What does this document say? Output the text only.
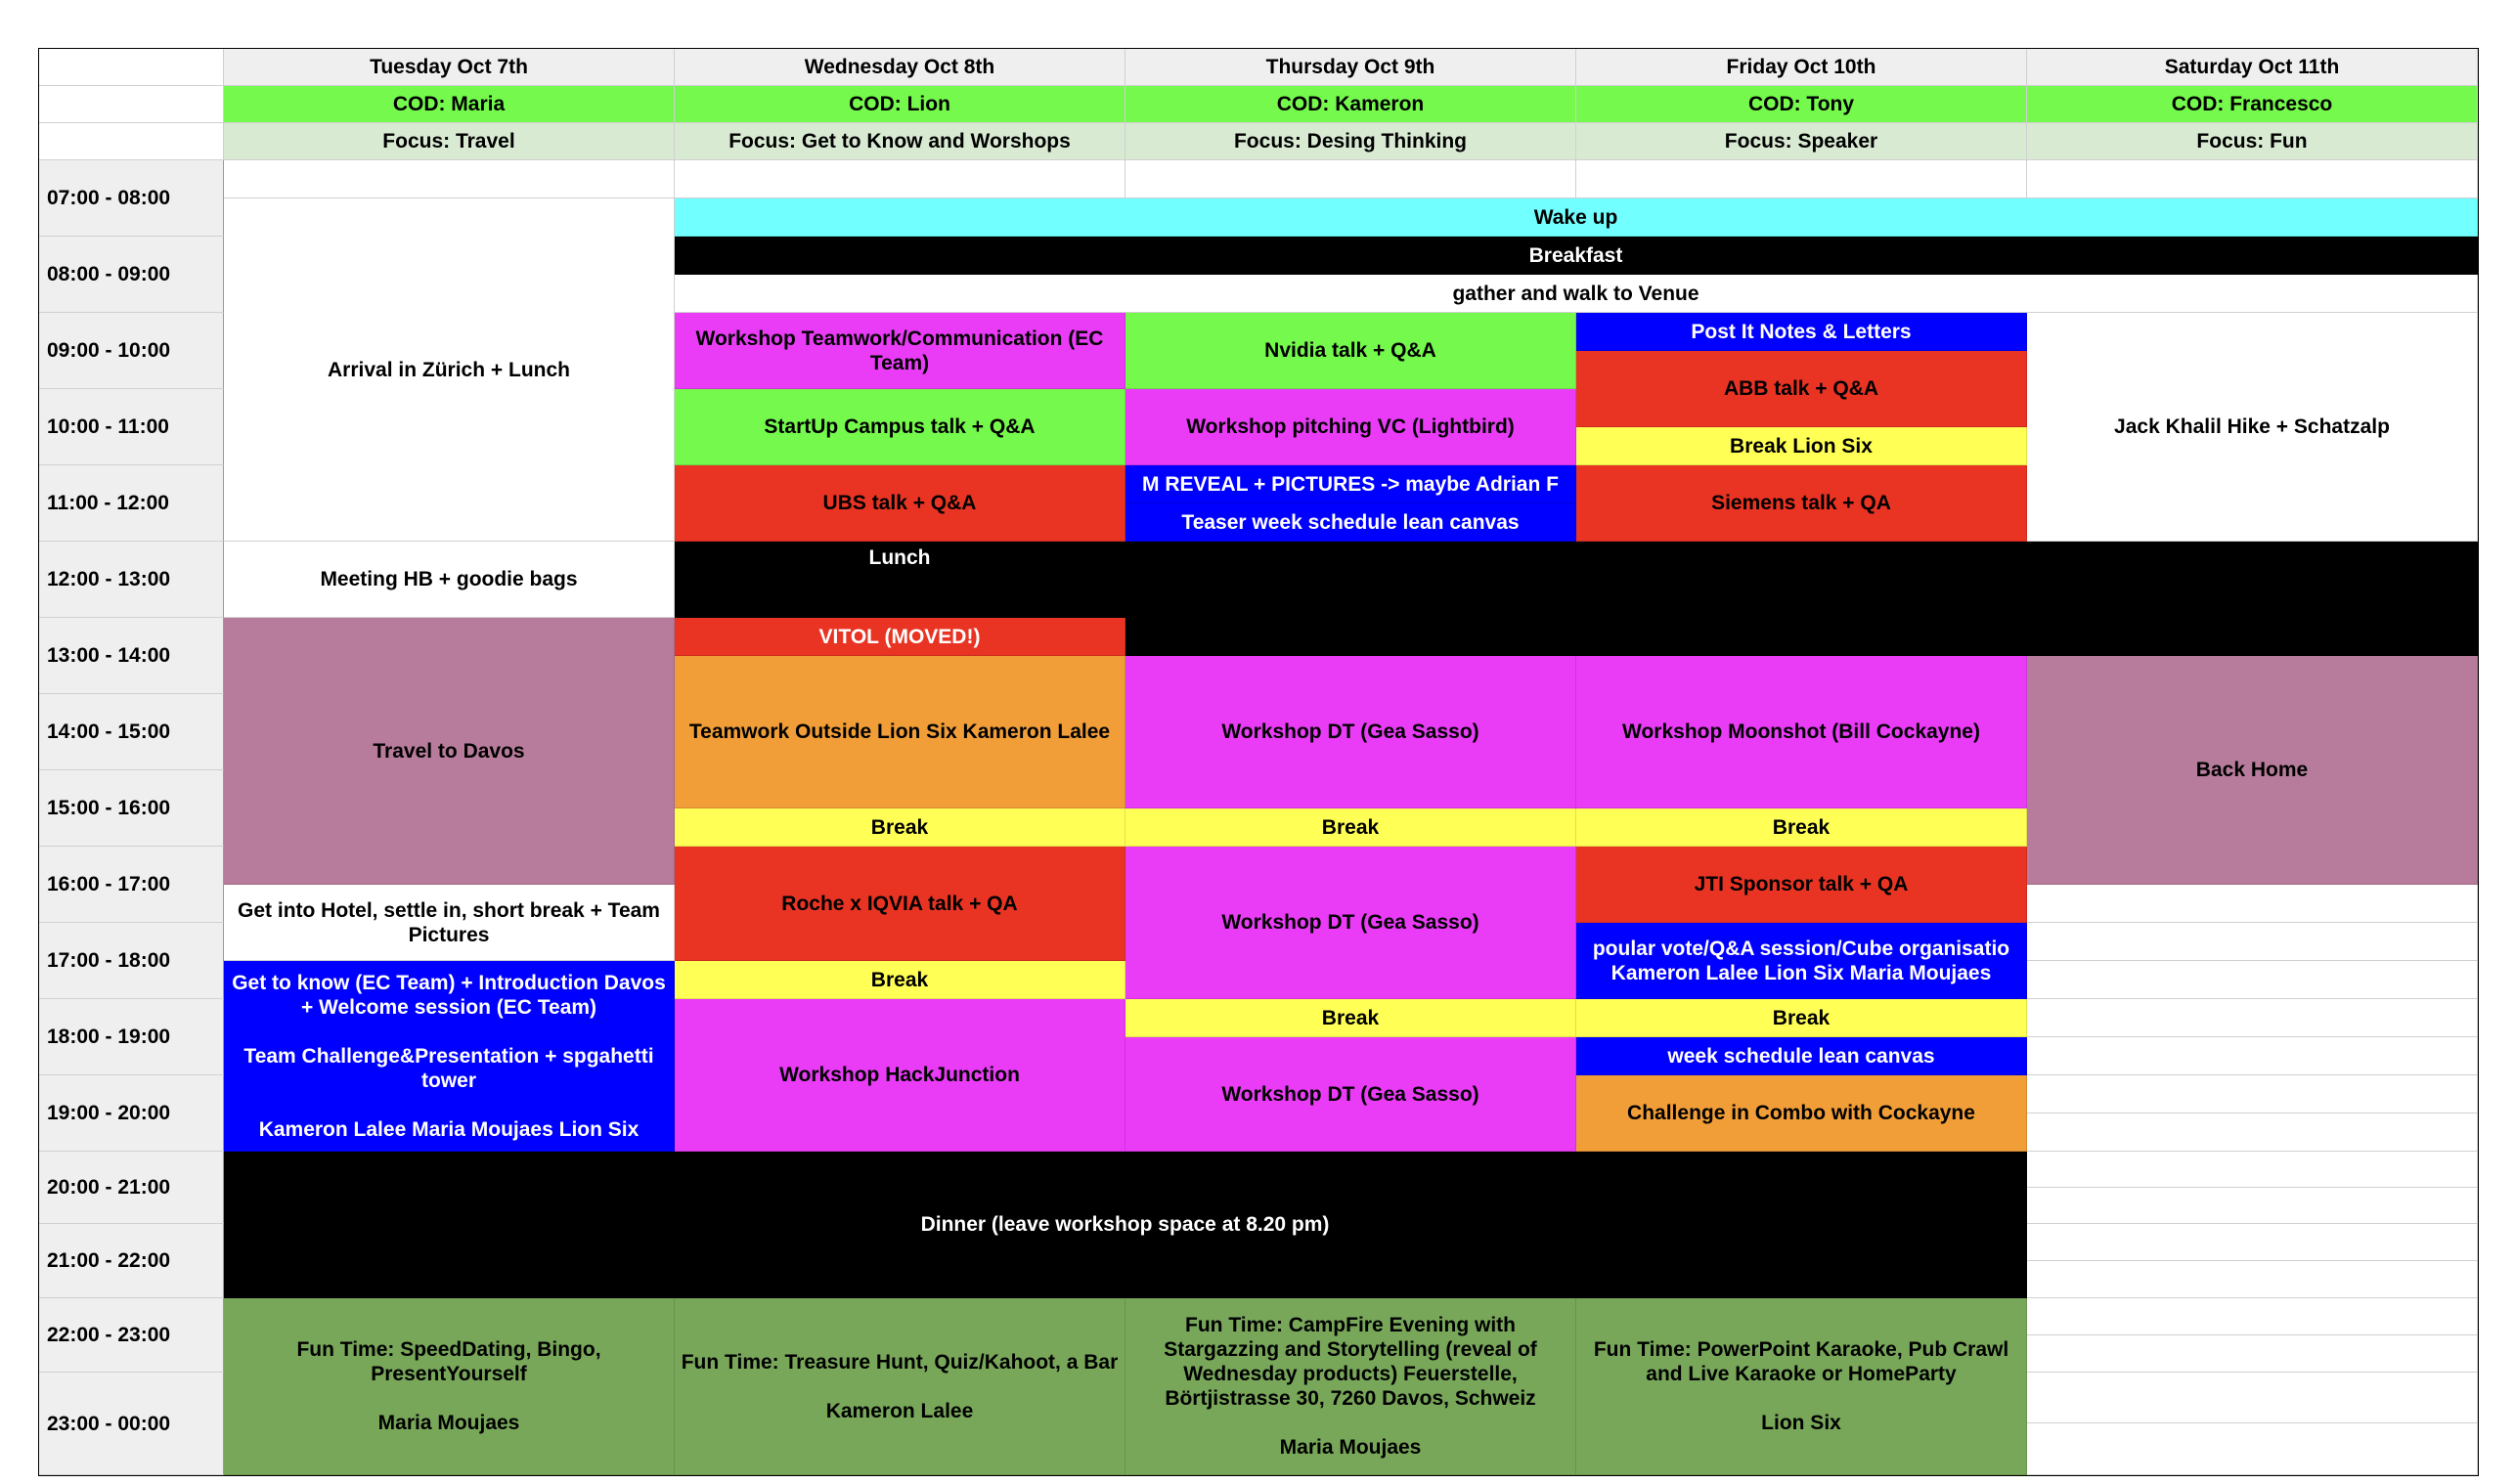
Tuesday Oct 7th
COD: Maria
Focus: Travel
Wednesday Oct 8th
COD: Lion
Focus: Get to Know and Worshops
Thursday Oct 9th
COD: Kameron
Focus: Desing Thinking
Friday Oct 10th
COD: Tony
Focus: Speaker
Saturday Oct 11th
COD: Francesco
Focus: Fun
07:00 - 08:00
08:00 - 09:00
09:00 - 10:00
10:00 - 11:00
11:00 - 12:00
12:00 - 13:00
13:00 - 14:00
14:00 - 15:00
15:00 - 16:00
16:00 - 17:00
17:00 - 18:00
18:00 - 19:00
19:00 - 20:00
20:00 - 21:00
21:00 - 22:00
22:00 - 23:00
23:00 - 00:00
Arrival in Zürich + Lunch
Meeting HB + goodie bags
Travel to Davos
Get into Hotel, settle in, short break + Team Pictures
Get to know (EC Team) + Introduction Davos + Welcome session (EC Team)

Team Challenge&Presentation + spgahetti tower

Kameron Lalee Maria Moujaes Lion Six
Wake up
Breakfast
gather and walk to Venue
Workshop Teamwork/Communication (EC Team)
StartUp Campus talk + Q&A
UBS talk + Q&A
Lunch
VITOL (MOVED!)
Teamwork Outside Lion Six Kameron Lalee
Break
Roche x IQVIA talk + QA
Break
Workshop HackJunction
Nvidia talk + Q&A
Workshop pitching VC (Lightbird)
M REVEAL + PICTURES -> maybe Adrian F
Teaser week schedule lean canvas
Workshop DT (Gea Sasso)
Break
Workshop DT (Gea Sasso)
Break
Workshop DT (Gea Sasso)
Post It Notes & Letters
ABB talk + Q&A
Break Lion Six
Siemens talk + QA
Workshop Moonshot (Bill Cockayne)
Break
JTI Sponsor talk + QA
poular vote/Q&A session/Cube organisatio
Kameron Lalee Lion Six Maria Moujaes
Break
week schedule lean canvas
Challenge in Combo with Cockayne
Jack Khalil Hike + Schatzalp
Back Home
Dinner (leave workshop space at 8.20 pm)
Fun Time: SpeedDating, Bingo, PresentYourself

Maria Moujaes
Fun Time: Treasure Hunt, Quiz/Kahoot, a Bar

Kameron Lalee
Fun Time: CampFire Evening with Stargazzing and Storytelling (reveal of Wednesday products) Feuerstelle, Börtjistrasse 30, 7260 Davos, Schweiz

Maria Moujaes
Fun Time: PowerPoint Karaoke, Pub Crawl and Live Karaoke or HomeParty

Lion Six
